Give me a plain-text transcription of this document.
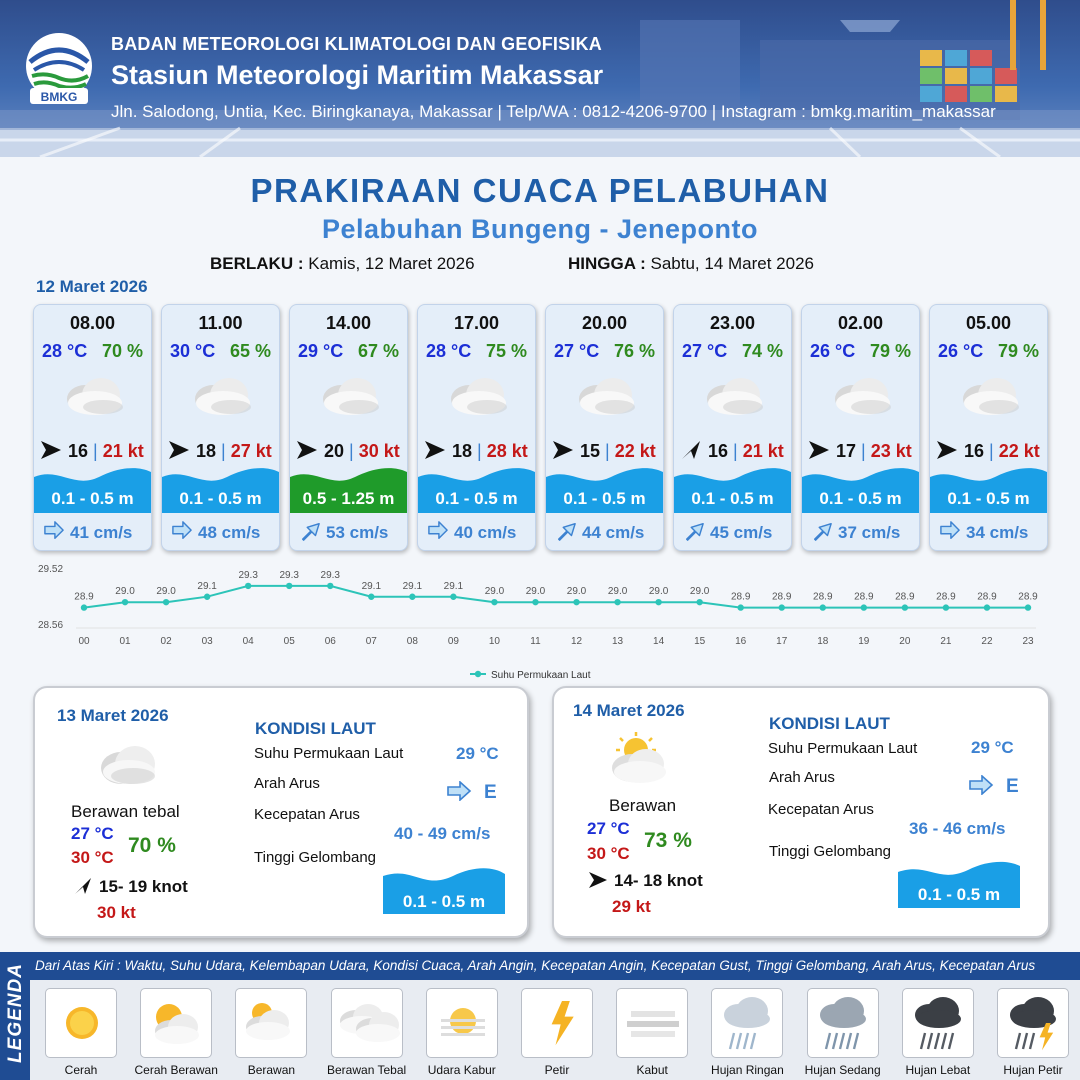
BMKG
BADAN METEOROLOGI KLIMATOLOGI DAN GEOFISIKA
Stasiun Meteorologi Maritim Makassar
Jln. Salodong, Untia, Kec. Biringkanaya, Makassar | Telp/WA : 0812-4206-9700 | Instagram : bmkg.maritim_makassar
PRAKIRAAN CUACA PELABUHAN
Pelabuhan Bungeng - Jeneponto
BERLAKU : Kamis, 12 Maret 2026	HINGGA : Sabtu, 14 Maret 2026
12 Maret 2026
08.00
28 °C 70 %
16 | 21 kt
0.1 - 0.5 m
41 cm/s
11.00
30 °C 65 %
18 | 27 kt
0.1 - 0.5 m
48 cm/s
14.00
29 °C 67 %
20 | 30 kt
0.5 - 1.25 m
53 cm/s
17.00
28 °C 75 %
18 | 28 kt
0.1 - 0.5 m
40 cm/s
20.00
27 °C 76 %
15 | 22 kt
0.1 - 0.5 m
44 cm/s
23.00
27 °C 74 %
16 | 21 kt
0.1 - 0.5 m
45 cm/s
02.00
26 °C 79 %
17 | 23 kt
0.1 - 0.5 m
37 cm/s
05.00
26 °C 79 %
16 | 22 kt
0.1 - 0.5 m
34 cm/s
29.52
28.56
28.9
00
29.0
01
29.0
02
29.1
03
29.3
04
29.3
05
29.3
06
29.1
07
29.1
08
29.1
09
29.0
10
29.0
11
29.0
12
29.0
13
29.0
14
29.0
15
28.9
16
28.9
17
28.9
18
28.9
19
28.9
20
28.9
21
28.9
22
28.9
23
Suhu Permukaan Laut
13 Maret 2026
Berawan tebal
27 °C
30 °C
70 %
15- 19 knot
30 kt
KONDISI LAUT
Suhu Permukaan Laut	29 °C
Arah Arus	E
Kecepatan Arus
40 - 49 cm/s
Tinggi Gelombang
0.1 - 0.5 m
14 Maret 2026
Berawan
27 °C
30 °C
73 %
14- 18 knot
29 kt
KONDISI LAUT
Suhu Permukaan Laut	29 °C
Arah Arus	E
Kecepatan Arus
36 - 46 cm/s
Tinggi Gelombang
0.1 - 0.5 m
LEGENDA Dari Atas Kiri : Waktu, Suhu Udara, Kelembapan Udara, Kondisi Cuaca, Arah Angin, Kecepatan Angin, Kecepatan Gust, Tinggi Gelombang, Arah Arus, Kecepatan Arus
Cerah	Cerah Berawan	Berawan	Berawan Tebal	Udara Kabur	Petir	Kabut	Hujan Ringan	Hujan Sedang	Hujan Lebat	Hujan Petir
